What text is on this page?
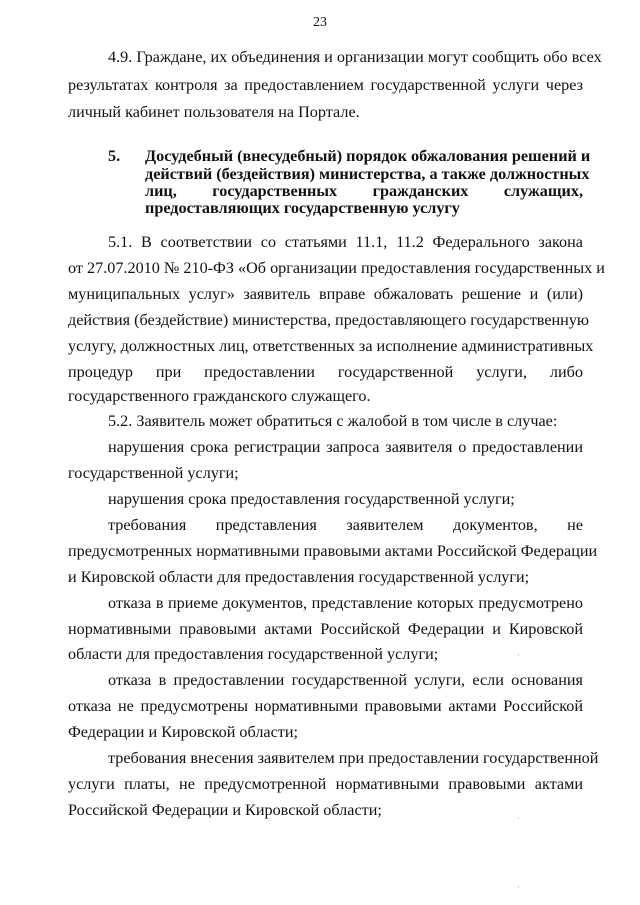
23
4.9. Граждане, их объединения и организации могут сообщить обо всех
результатах контроля за предоставлением государственной услуги через
личный кабинет пользователя на Портале.
5. Досудебный (внесудебный) порядок обжалования решений и
действий (бездействия) министерства, а также должностных
лиц, государственных гражданских служащих,
предоставляющих государственную услугу
5.1. В соответствии со статьями 11.1, 11.2 Федерального закона
от 27.07.2010 № 210-ФЗ «Об организации предоставления государственных и
муниципальных услуг» заявитель вправе обжаловать решение и (или)
действия (бездействие) министерства, предоставляющего государственную
услугу, должностных лиц, ответственных за исполнение административных
процедур при предоставлении государственной услуги, либо
государственного гражданского служащего.
5.2. Заявитель может обратиться с жалобой в том числе в случае:
нарушения срока регистрации запроса заявителя о предоставлении
государственной услуги;
нарушения срока предоставления государственной услуги;
требования представления заявителем документов, не
предусмотренных нормативными правовыми актами Российской Федерации
и Кировской области для предоставления государственной услуги;
отказа в приеме документов, представление которых предусмотрено
нормативными правовыми актами Российской Федерации и Кировской
области для предоставления государственной услуги;
отказа в предоставлении государственной услуги, если основания
отказа не предусмотрены нормативными правовыми актами Российской
Федерации и Кировской области;
требования внесения заявителем при предоставлении государственной
услуги платы, не предусмотренной нормативными правовыми актами
Российской Федерации и Кировской области;
·
·
·
